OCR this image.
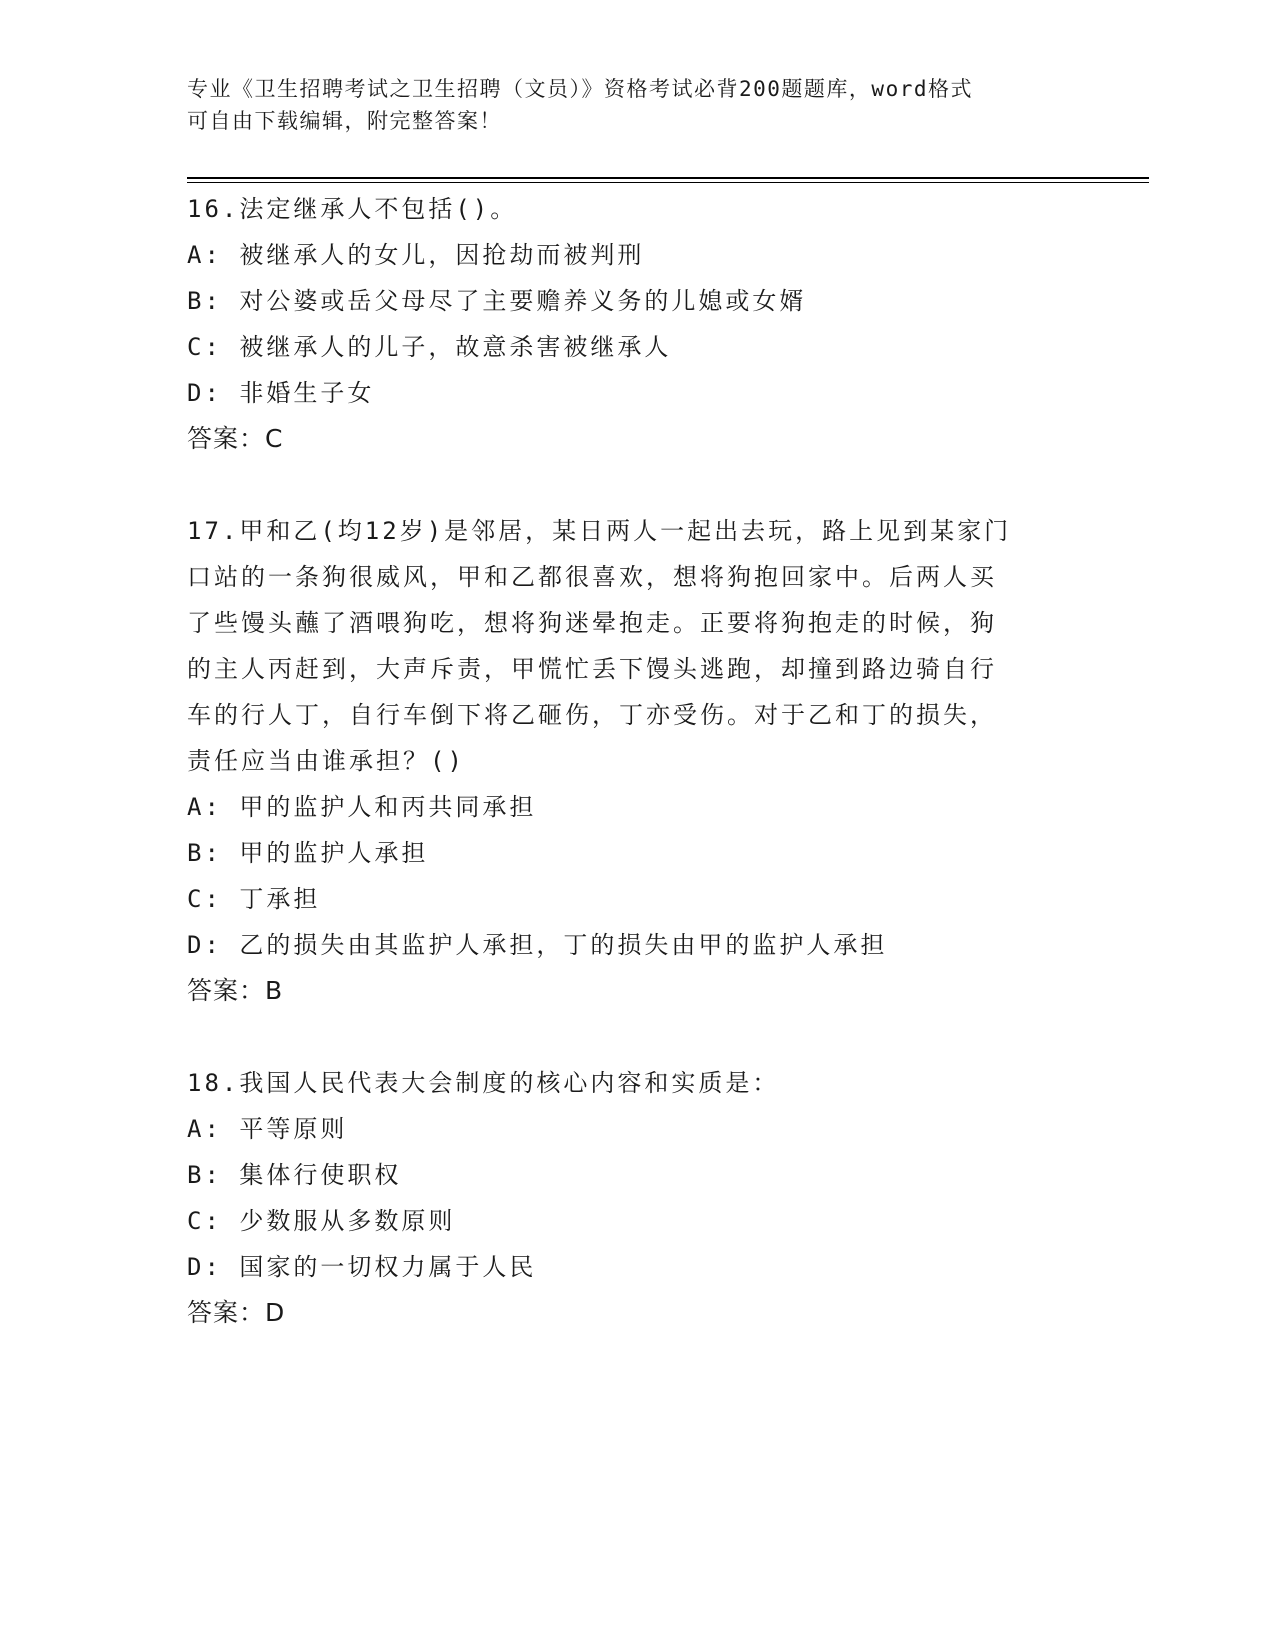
专业《卫生招聘考试之卫生招聘（文员）》资格考试必背200题题库，word格式
可自由下载编辑，附完整答案！
16.法定继承人不包括()。
A: 被继承人的女儿，因抢劫而被判刑
B: 对公婆或岳父母尽了主要赡养义务的儿媳或女婿
C: 被继承人的儿子，故意杀害被继承人
D: 非婚生子女
答案：C
17.甲和乙(均12岁)是邻居，某日两人一起出去玩，路上见到某家门
口站的一条狗很威风，甲和乙都很喜欢，想将狗抱回家中。后两人买
了些馒头蘸了酒喂狗吃，想将狗迷晕抱走。正要将狗抱走的时候，狗
的主人丙赶到，大声斥责，甲慌忙丢下馒头逃跑，却撞到路边骑自行
车的行人丁，自行车倒下将乙砸伤，丁亦受伤。对于乙和丁的损失，
责任应当由谁承担？()
A: 甲的监护人和丙共同承担
B: 甲的监护人承担
C: 丁承担
D: 乙的损失由其监护人承担，丁的损失由甲的监护人承担
答案：B
18.我国人民代表大会制度的核心内容和实质是：
A: 平等原则
B: 集体行使职权
C: 少数服从多数原则
D: 国家的一切权力属于人民
答案：D
